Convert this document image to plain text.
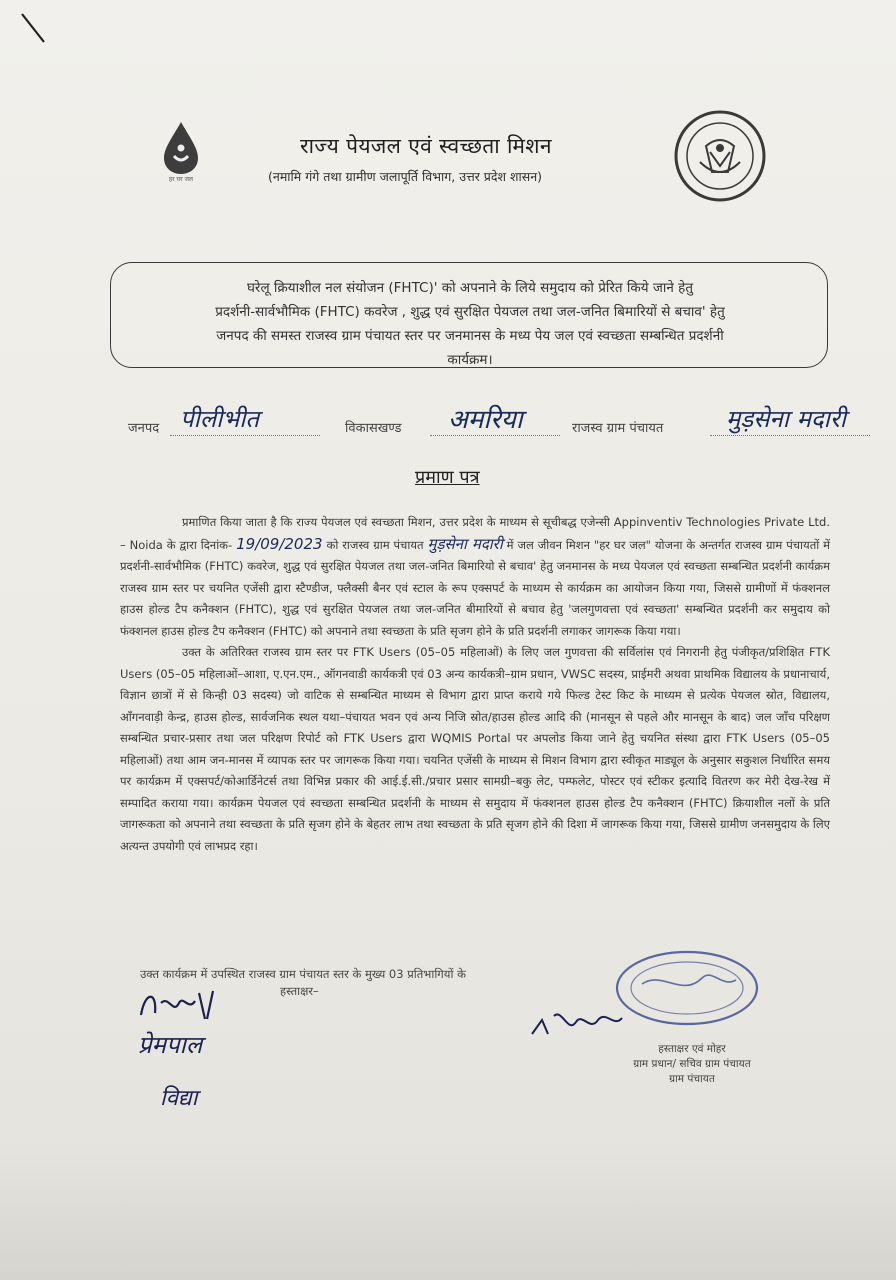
हर घर जल
राज्य पेयजल एवं स्वच्छता मिशन
(नमामि गंगे तथा ग्रामीण जलापूर्ति विभाग, उत्तर प्रदेश शासन)
घरेलू क्रियाशील नल संयोजन (FHTC)' को अपनाने के लिये समुदाय को प्रेरित किये जाने हेतु
प्रदर्शनी-सार्वभौमिक (FHTC) कवरेज , शुद्ध एवं सुरक्षित पेयजल तथा जल-जनित बिमारियों से बचाव' हेतु
जनपद की समस्त राजस्व ग्राम पंचायत स्तर पर जनमानस के मध्य पेय जल एवं स्वच्छता सम्बन्धित प्रदर्शनी
कार्यक्रम।
जनपद पीलीभीत	विकासखण्ड अमरिया	राजस्व ग्राम पंचायत	मुड़सेना मदारी
प्रमाण पत्र

प्रमाणित किया जाता है कि राज्य पेयजल एवं स्वच्छता मिशन, उत्तर प्रदेश के माध्यम से सूचीबद्ध एजेन्सी Appinventiv Technologies Private Ltd. – Noida के द्वारा दिनांक- 19/09/2023 को राजस्व ग्राम पंचायत मुड़सेना मदारी में जल जीवन मिशन "हर घर जल" योजना के अन्तर्गत राजस्व ग्राम पंचायतों में प्रदर्शनी-सार्वभौमिक (FHTC) कवरेज, शुद्ध एवं सुरक्षित पेयजल तथा जल-जनित बिमारियो से बचाव' हेतु जनमानस के मध्य पेयजल एवं स्वच्छता सम्बन्धित प्रदर्शनी कार्यक्रम राजस्व ग्राम स्तर पर चयनित एजेंसी द्वारा स्टैण्डीज, फ्लैक्सी बैनर एवं स्टाल के रूप एक्सपर्ट के माध्यम से कार्यक्रम का आयोजन किया गया, जिससे ग्रामीणों में फंक्शनल हाउस होल्ड टैप कनैक्शन (FHTC), शुद्ध एवं सुरक्षित पेयजल तथा जल-जनित बीमारियों से बचाव हेतु 'जलगुणवत्ता एवं स्वच्छता' सम्बन्धित प्रदर्शनी कर समुदाय को फंक्शनल हाउस होल्ड टैप कनैक्शन (FHTC) को अपनाने तथा स्वच्छता के प्रति सृजग होने के प्रति प्रदर्शनी लगाकर जागरूक किया गया।

उक्त के अतिरिक्त राजस्व ग्राम स्तर पर FTK Users (05–05 महिलाओं) के लिए जल गुणवत्ता की सर्विलांस एवं निगरानी हेतु पंजीकृत/प्रशिक्षित FTK Users (05–05 महिलाओं–आशा, ए.एन.एम., ऑगनवाडी कार्यकत्री एवं 03 अन्य कार्यकत्री–ग्राम प्रधान, VWSC सदस्य, प्राईमरी अथवा प्राथमिक विद्यालय के प्रधानाचार्य, विज्ञान छात्रों में से किन्ही 03 सदस्य) जो वाटिक से सम्बन्धित माध्यम से विभाग द्वारा प्राप्त कराये गये फिल्ड टेस्ट किट के माध्यम से प्रत्येक पेयजल स्रोत, विद्यालय, आँगनवाड़ी केन्द्र, हाउस होल्ड, सार्वजनिक स्थल यथा–पंचायत भवन एवं अन्य निजि स्रोत/हाउस होल्ड आदि की (मानसून से पहले और मानसून के बाद) जल जाँच परिक्षण सम्बन्धित प्रचार-प्रसार तथा जल परिक्षण रिपोर्ट को FTK Users द्वारा WQMIS Portal पर अपलोड किया जाने हेतु चयनित संस्था द्वारा FTK Users (05–05 महिलाओं) तथा आम जन-मानस में व्यापक स्तर पर जागरूक किया गया। चयनित एजेंसी के माध्यम से मिशन विभाग द्वारा स्वीकृत माड्यूल के अनुसार सकुशल निर्धारित समय पर कार्यक्रम में एक्सपर्ट/कोआर्डिनेटर्स तथा विभिन्न प्रकार की आई.ई.सी./प्रचार प्रसार सामग्री–बकु लेट, पम्फलेट, पोस्टर एवं स्टीकर इत्यादि वितरण कर मेरी देख-रेख में सम्पादित कराया गया। कार्यक्रम पेयजल एवं स्वच्छता सम्बन्धित प्रदर्शनी के माध्यम से समुदाय में फंक्शनल हाउस होल्ड टैप कनैक्शन (FHTC) क्रियाशील नलों के प्रति जागरूकता को अपनाने तथा स्वच्छता के प्रति सृजग होने के बेहतर लाभ तथा स्वच्छता के प्रति सृजग होने की दिशा में जागरूक किया गया, जिससे ग्रामीण जनसमुदाय के लिए अत्यन्त उपयोगी एवं लाभप्रद रहा।

उक्त कार्यक्रम में उपस्थित राजस्व ग्राम पंचायत स्तर के मुख्य 03 प्रतिभागियों के
हस्ताक्षर–
प्रेमपाल
विद्या
हस्ताक्षर एवं मोहर
ग्राम प्रधान/ सचिव ग्राम पंचायत
ग्राम पंचायत
